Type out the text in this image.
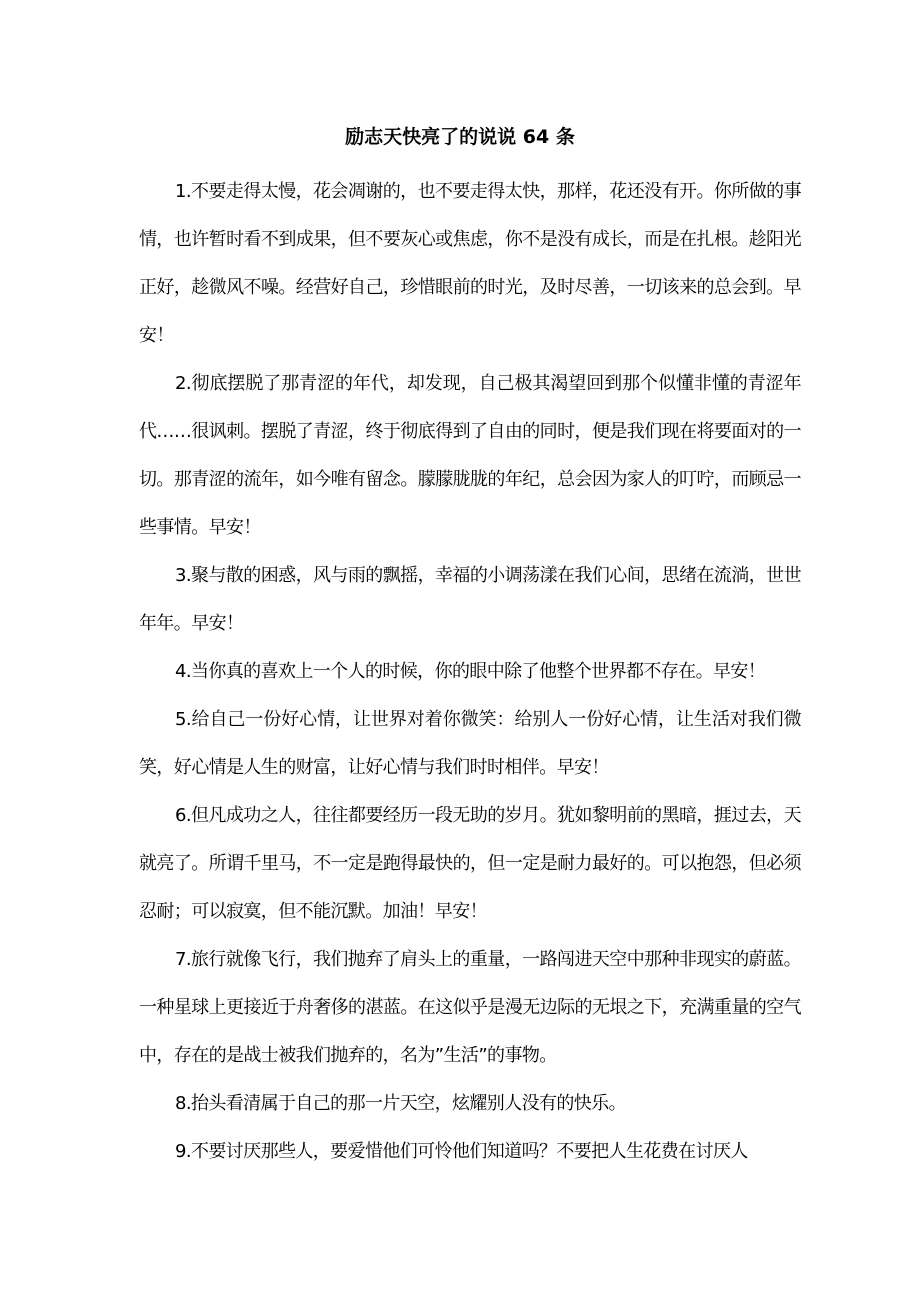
励志天快亮了的说说 64 条

1.不要走得太慢，花会凋谢的，也不要走得太快，那样，花还没有开。你所做的事情，也许暂时看不到成果，但不要灰心或焦虑，你不是没有成长，而是在扎根。趁阳光正好，趁微风不噪。经营好自己，珍惜眼前的时光，及时尽善，一切该来的总会到。早安！

2.彻底摆脱了那青涩的年代，却发现，自己极其渴望回到那个似懂非懂的青涩年代……很讽刺。摆脱了青涩，终于彻底得到了自由的同时，便是我们现在将要面对的一切。那青涩的流年，如今唯有留念。朦朦胧胧的年纪，总会因为家人的叮咛，而顾忌一些事情。早安！

3.聚与散的困惑，风与雨的飘摇，幸福的小调荡漾在我们心间，思绪在流淌，世世年年。早安！

4.当你真的喜欢上一个人的时候，你的眼中除了他整个世界都不存在。早安！

5.给自己一份好心情，让世界对着你微笑：给别人一份好心情，让生活对我们微笑，好心情是人生的财富，让好心情与我们时时相伴。早安！

6.但凡成功之人，往往都要经历一段无助的岁月。犹如黎明前的黑暗，捱过去，天就亮了。所谓千里马，不一定是跑得最快的，但一定是耐力最好的。可以抱怨，但必须忍耐；可以寂寞，但不能沉默。加油！早安！

7.旅行就像飞行，我们抛弃了肩头上的重量，一路闯进天空中那种非现实的蔚蓝。一种星球上更接近于舟奢侈的湛蓝。在这似乎是漫无边际的无垠之下，充满重量的空气中，存在的是战士被我们抛弃的，名为”生活”的事物。

8.抬头看清属于自己的那一片天空，炫耀别人没有的快乐。

9.不要讨厌那些人，要爱惜他们可怜他们知道吗？不要把人生花费在讨厌人
